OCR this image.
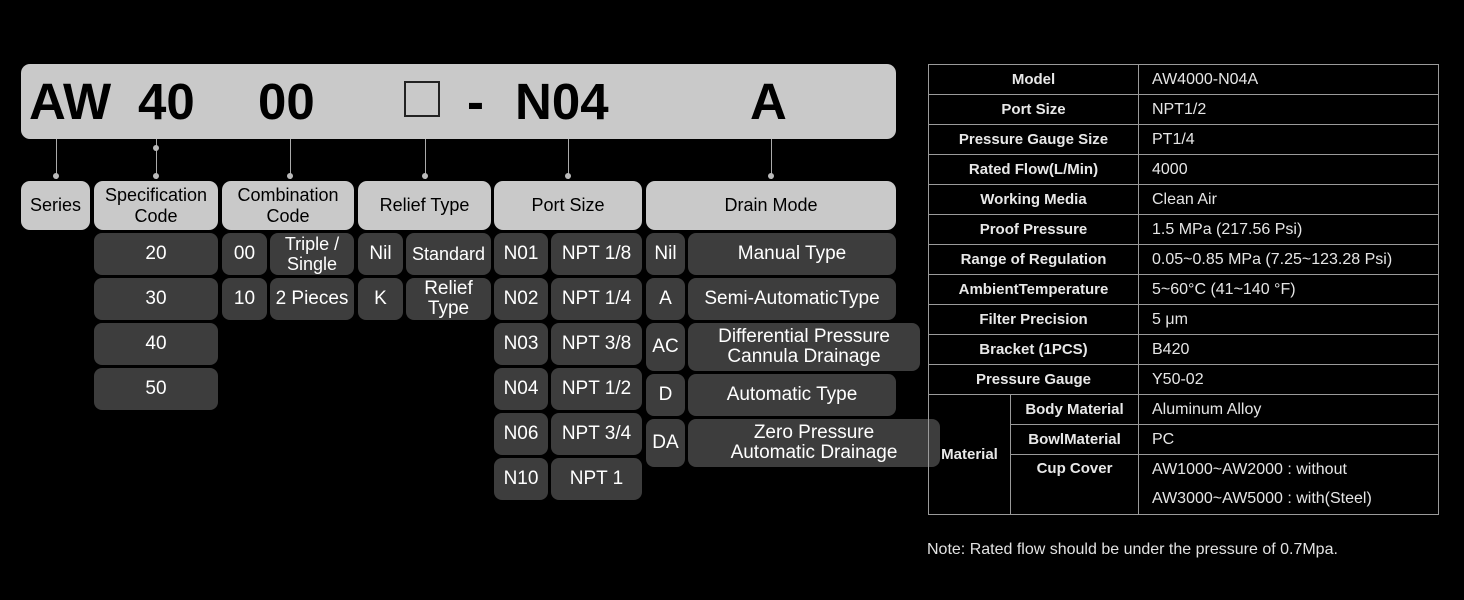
AW 40 00	- N04	A
Series
Specification Code
Combination Code
Relief Type	Port Size	Drain Mode
20
30
40
50
00	Triple / Single
10	2 Pieces
Nil	Standard
K	Relief Type
N01	NPT 1/8
N02	NPT 1/4
N03	NPT 3/8
N04	NPT 1/2
N06	NPT 3/4
N10	NPT 1
Nil	Manual Type
A	Semi-AutomaticType
AC	Differential Pressure Cannula Drainage
D	Automatic Type
DA	Zero Pressure Automatic Drainage
Model		AW4000-N04A
Port Size		NPT1/2
Pressure Gauge Size		PT1/4
Rated Flow(L/Min)		4000
Working Media		Clean Air
Proof Pressure		1.5 MPa (217.56 Psi)
Range of Regulation		0.05~0.85 MPa (7.25~123.28 Psi)
AmbientTemperature		5~60°C (41~140 °F)
Filter Precision		5 μm
Bracket (1PCS)		B420
Pressure Gauge		Y50-02
Material	Body Material	Aluminum Alloy
	BowlMaterial	PC
	Cup Cover	AW1000~AW2000 : without
		AW3000~AW5000 : with(Steel)
Note: Rated flow should be under the pressure of 0.7Mpa.
